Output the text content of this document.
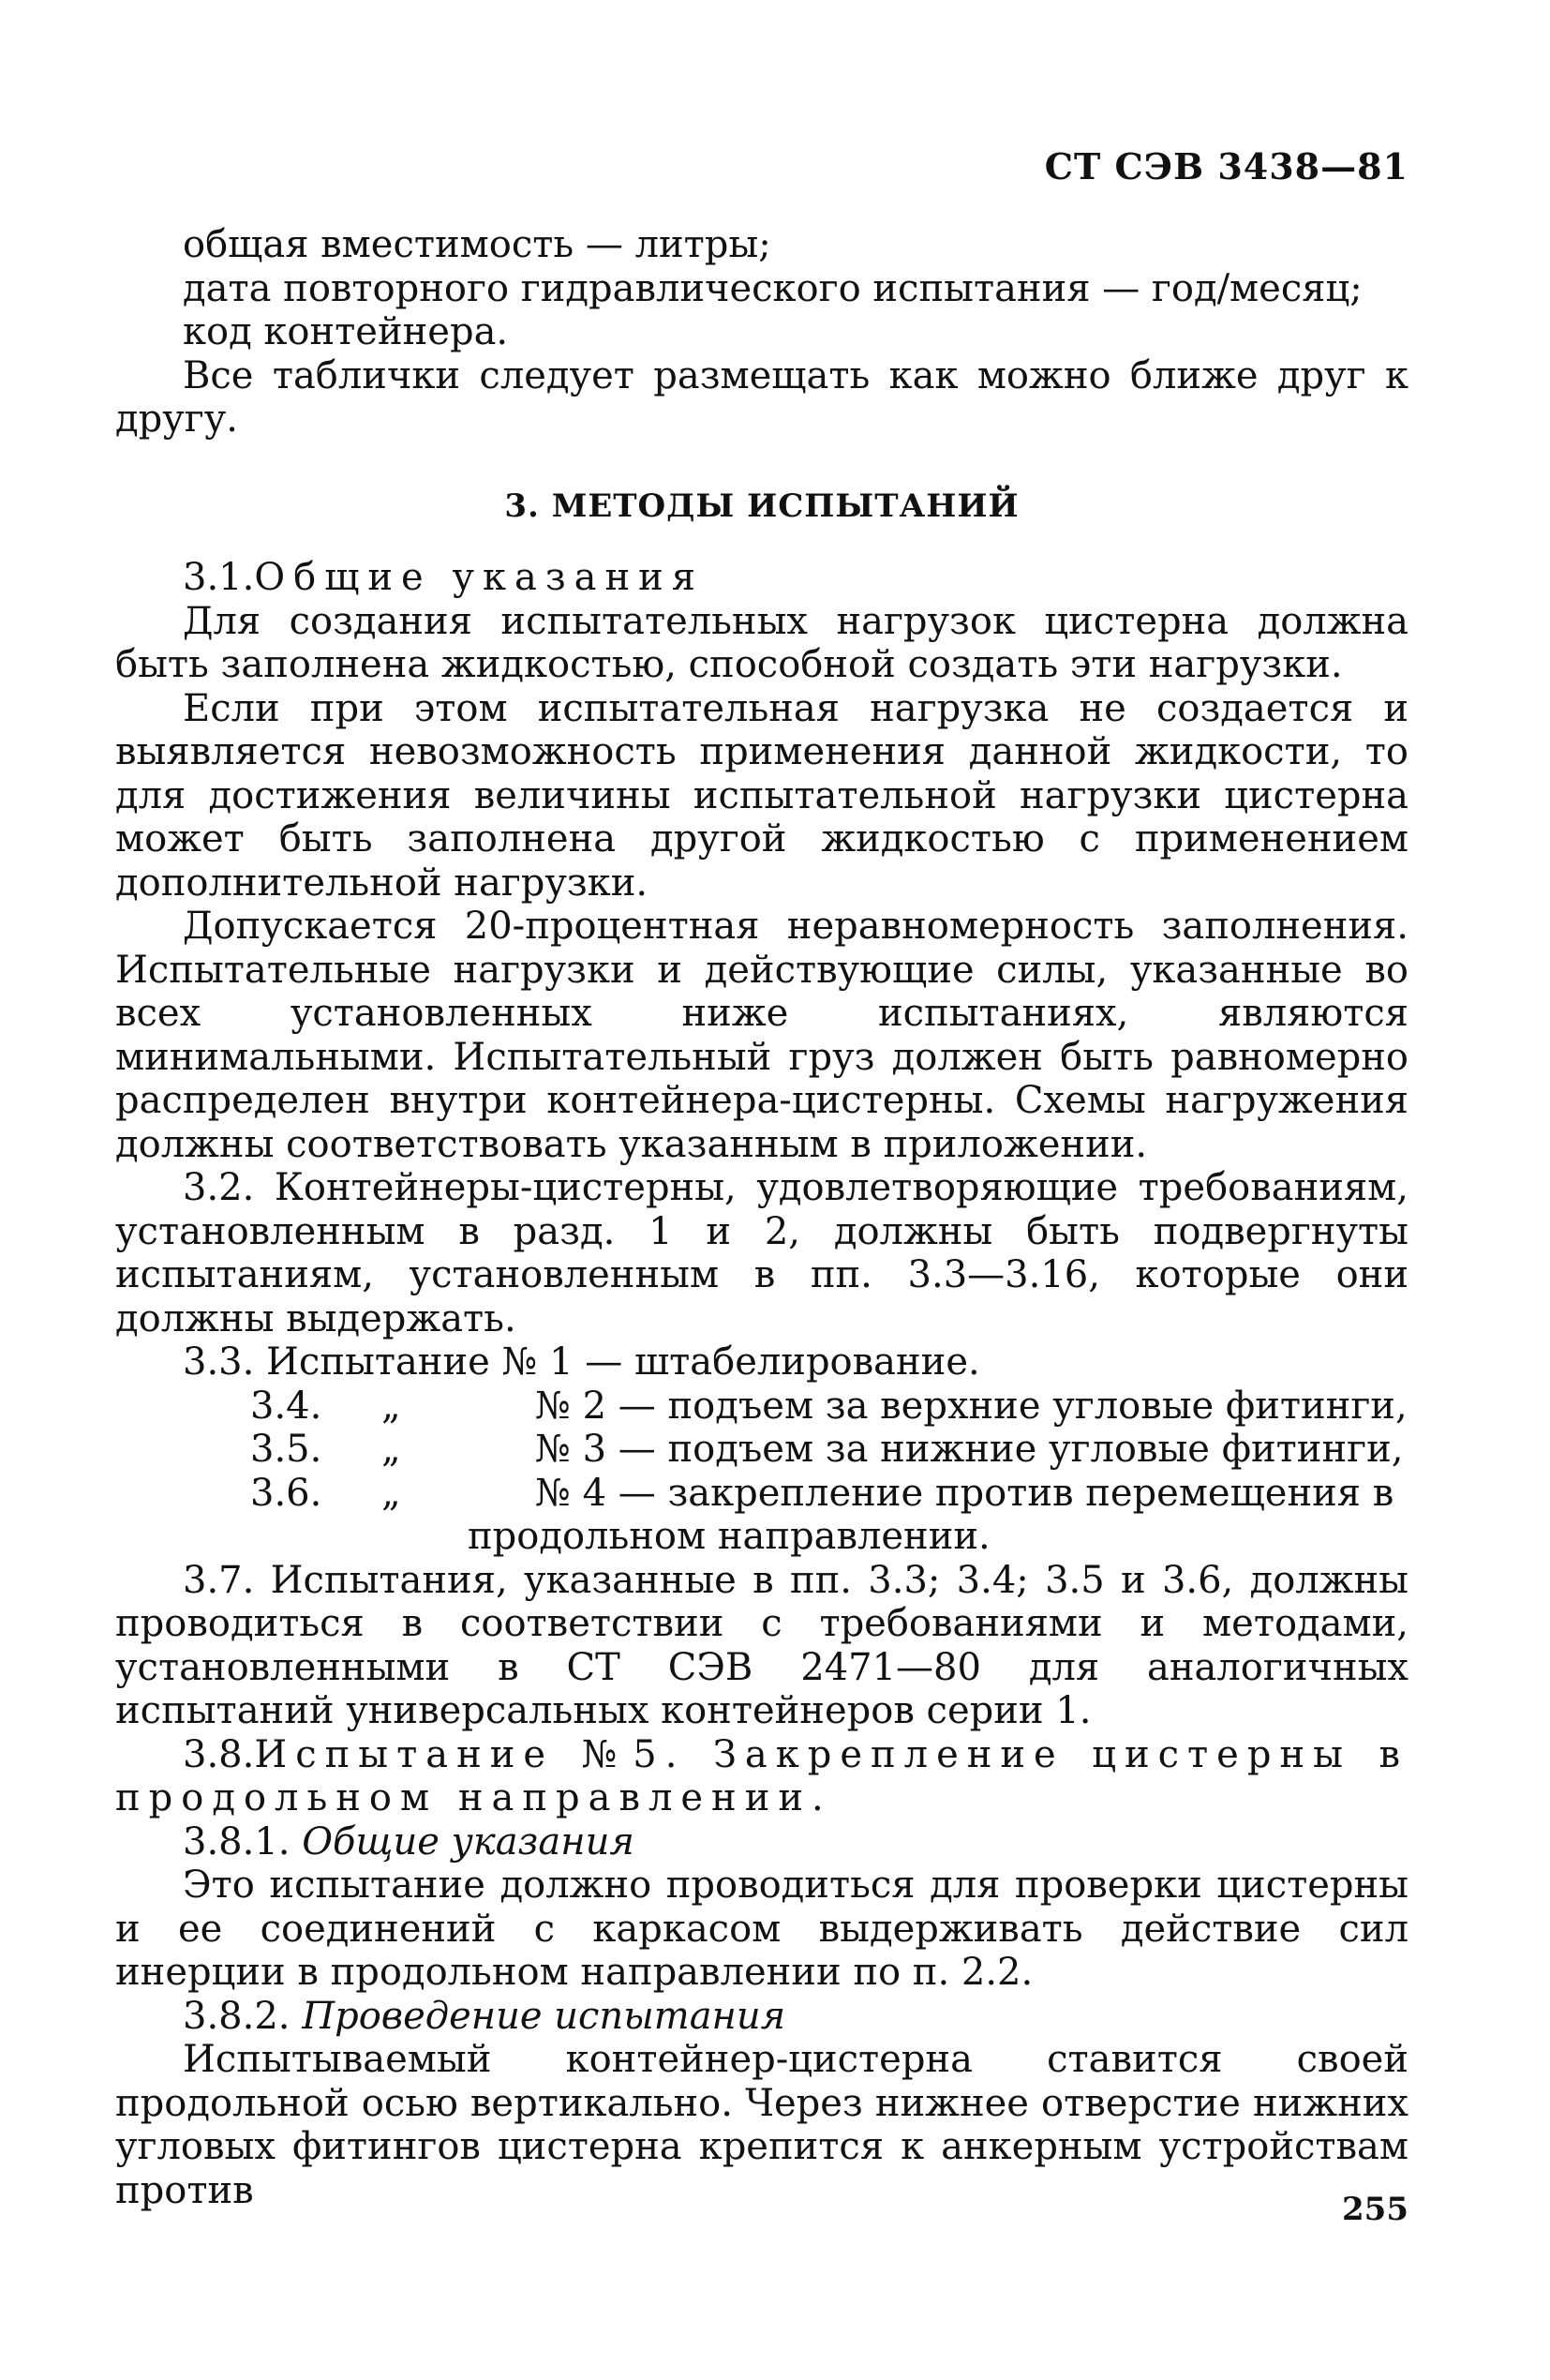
СТ СЭВ 3438—81

общая вместимость — литры;

дата повторного гидравлического испытания — год/месяц;

код контейнера.

Все таблички следует размещать как можно ближе друг к другу.

3. МЕТОДЫ ИСПЫТАНИЙ

3.1.Общие указания

Для создания испытательных нагрузок цистерна должна быть заполнена жидкостью, способной создать эти нагрузки.

Если при этом испытательная нагрузка не создается и выявляется невозможность применения данной жидкости, то для достижения величины испытательной нагрузки цистерна может быть заполнена другой жидкостью с применением дополнительной нагрузки.

Допускается 20-процентная неравномерность заполнения. Испытательные нагрузки и действующие силы, указанные во всех установленных ниже испытаниях, являются минимальными. Испытательный груз должен быть равномерно распределен внутри контейнера-цистерны. Схемы нагружения должны соответствовать указанным в приложении.

3.2. Контейнеры-цистерны, удовлетворяющие требованиям, установленным в разд. 1 и 2, должны быть подвергнуты испытаниям, установленным в пп. 3.3—3.16, которые они должны выдержать.

3.3. Испытание № 1 — штабелирование.

3.4.	„	№ 2 — подъем за верхние угловые фитинги,
3.5.	„	№ 3 — подъем за нижние угловые фитинги,
3.6.	„	№ 4 — закрепление против перемещения в

продольном направлении.

3.7. Испытания, указанные в пп. 3.3; 3.4; 3.5 и 3.6, должны проводиться в соответствии с требованиями и методами, установленными в СТ СЭВ 2471—80 для аналогичных испытаний универсальных контейнеров серии 1.

3.8.Испытание №5. Закрепление цистерны в продольном направлении.

3.8.1. Общие указания

Это испытание должно проводиться для проверки цистерны и ее соединений с каркасом выдерживать действие сил инерции в продольном направлении по п. 2.2.

3.8.2. Проведение испытания

Испытываемый контейнер-цистерна ставится своей продольной осью вертикально. Через нижнее отверстие нижних угловых фитингов цистерна крепится к анкерным устройствам против	255
